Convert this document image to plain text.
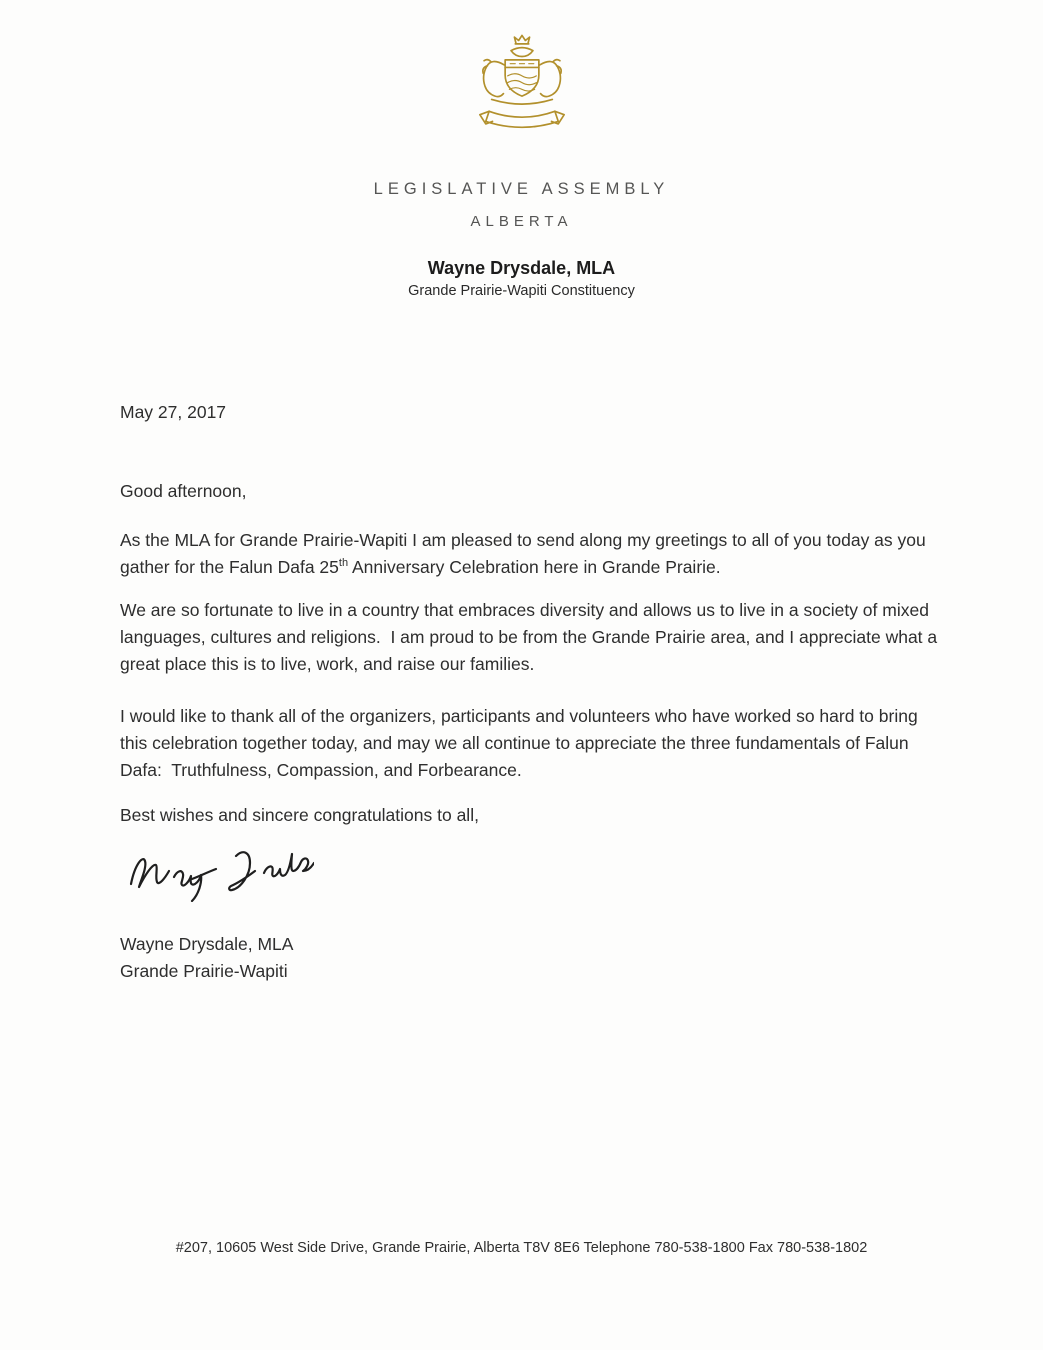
LEGISLATIVE ASSEMBLY
ALBERTA
Wayne Drysdale, MLA
Grande Prairie-Wapiti Constituency
May 27, 2017
Good afternoon,
As the MLA for Grande Prairie-Wapiti I am pleased to send along my greetings to all of you today as you gather for the Falun Dafa 25th Anniversary Celebration here in Grande Prairie.
We are so fortunate to live in a country that embraces diversity and allows us to live in a society of mixed languages, cultures and religions.  I am proud to be from the Grande Prairie area, and I appreciate what a great place this is to live, work, and raise our families.
I would like to thank all of the organizers, participants and volunteers who have worked so hard to bring this celebration together today, and may we all continue to appreciate the three fundamentals of Falun Dafa:  Truthfulness, Compassion, and Forbearance.
Best wishes and sincere congratulations to all,
Wayne Drysdale, MLA
Grande Prairie-Wapiti
#207, 10605 West Side Drive, Grande Prairie, Alberta T8V 8E6 Telephone 780-538-1800 Fax 780-538-1802
